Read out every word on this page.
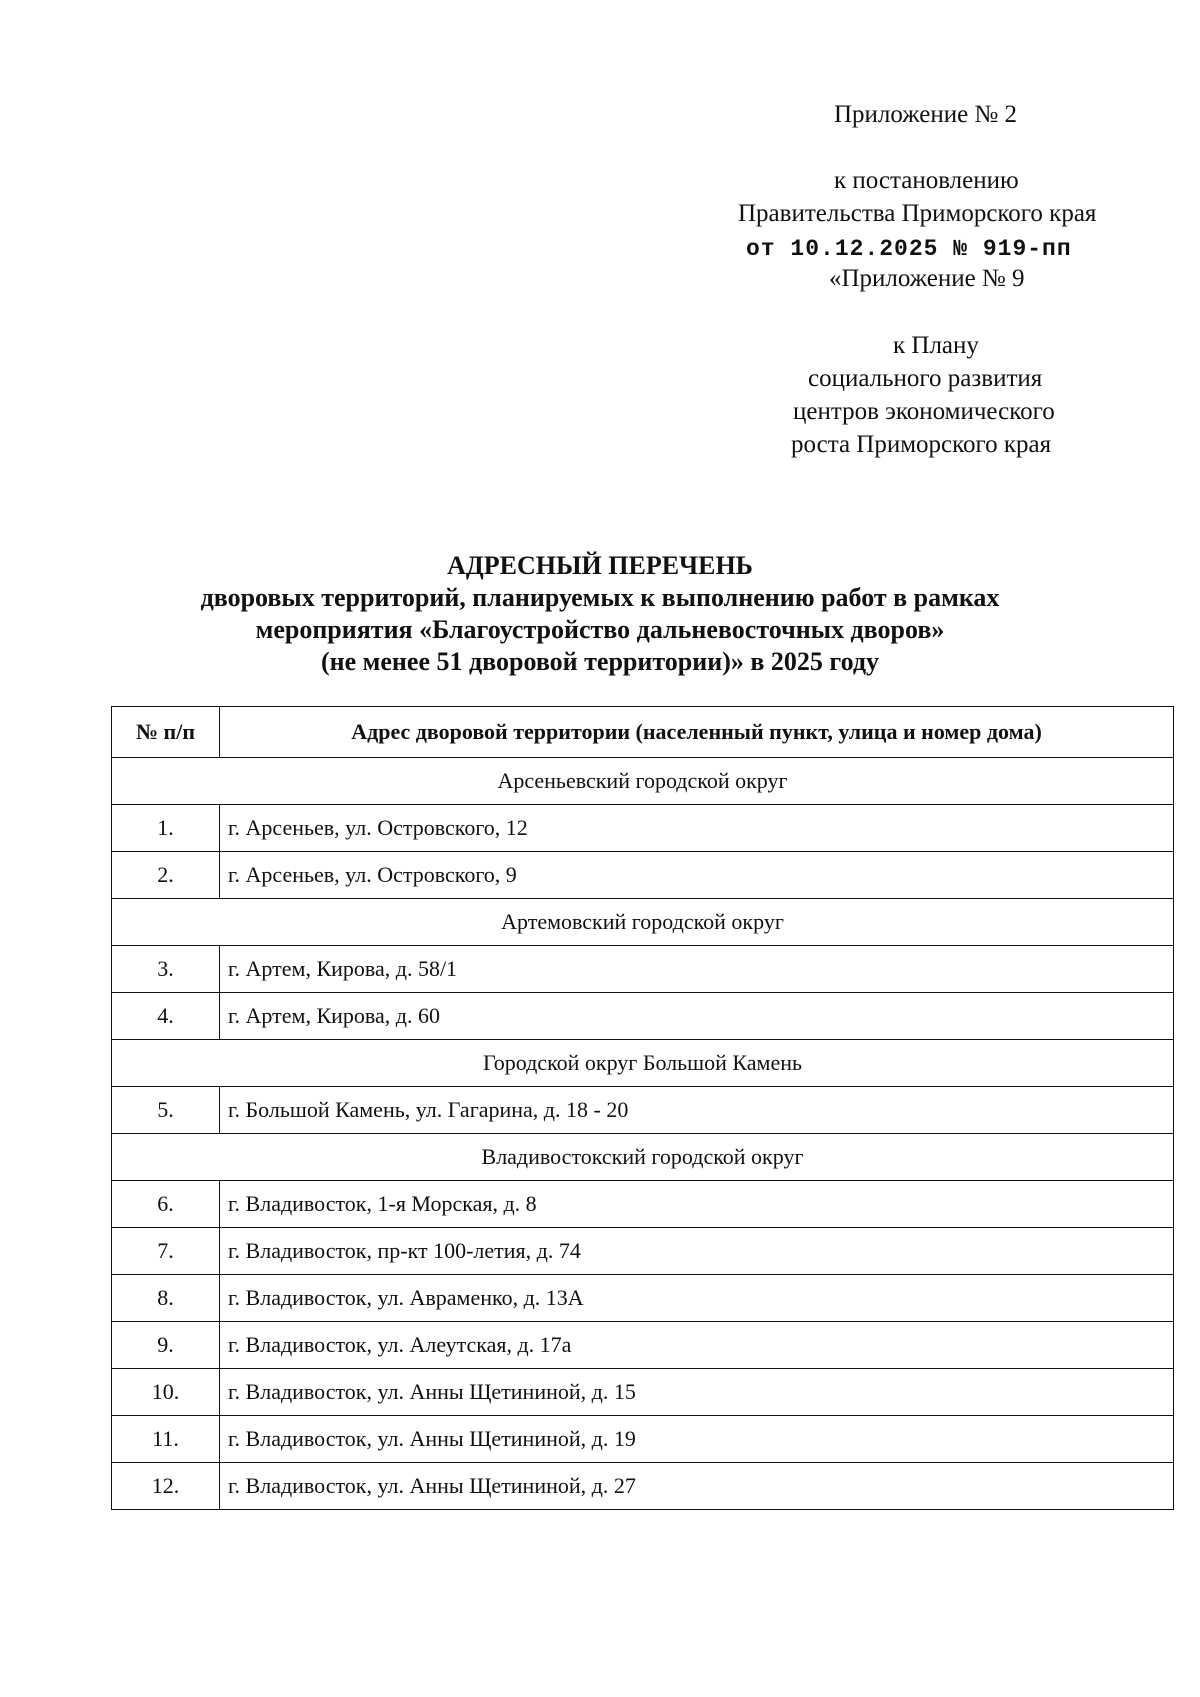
Приложение № 2
к постановлению
Правительства Приморского края
от 10.12.2025 № 919-пп
«Приложение № 9
к Плану
социального развития
центров экономического
роста Приморского края
АДРЕСНЫЙ ПЕРЕЧЕНЬ
дворовых территорий, планируемых к выполнению работ в рамках
мероприятия «Благоустройство дальневосточных дворов»
(не менее 51 дворовой территории)» в 2025 году
№ п/п	Адрес дворовой территории (населенный пункт, улица и номер дома)
Арсеньевский городской округ	
1.	г. Арсеньев, ул. Островского, 12
2.	г. Арсеньев, ул. Островского, 9
Артемовский городской округ	
3.	г. Артем, Кирова, д. 58/1
4.	г. Артем, Кирова, д. 60
Городской округ Большой Камень	
5.	г. Большой Камень, ул. Гагарина, д. 18 - 20
Владивостокский городской округ	
6.	г. Владивосток, 1-я Морская, д. 8
7.	г. Владивосток, пр-кт 100-летия, д. 74
8.	г. Владивосток, ул. Авраменко, д. 13А
9.	г. Владивосток, ул. Алеутская, д. 17а
10.	г. Владивосток, ул. Анны Щетининой, д. 15
11.	г. Владивосток, ул. Анны Щетининой, д. 19
12.	г. Владивосток, ул. Анны Щетининой, д. 27
